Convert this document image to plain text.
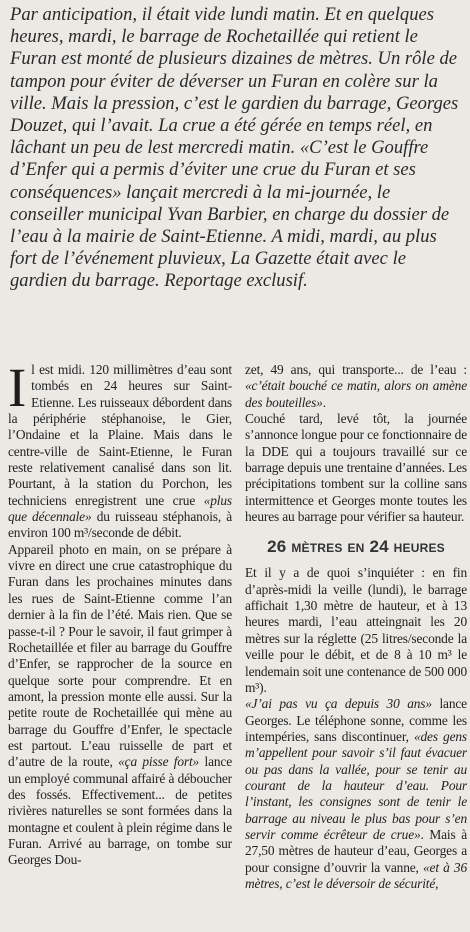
Par anticipation, il était vide lundi matin. Et en quelques heures, mardi, le barrage de Rochetaillée qui retient le Furan est monté de plusieurs dizaines de mètres. Un rôle de tampon pour éviter de déverser un Furan en colère sur la ville. Mais la pression, c’est le gardien du barrage, Georges Douzet, qui l’avait. La crue a été gérée en temps réel, en lâchant un peu de lest mercredi matin. «C’est le Gouffre d’Enfer qui a permis d’éviter une crue du Furan et ses conséquences» lançait mercredi à la mi-journée, le conseiller municipal Yvan Barbier, en charge du dossier de l’eau à la mairie de Saint-Etienne. A midi, mardi, au plus fort de l’événement pluvieux, La Gazette était avec le gardien du barrage. Reportage exclusif.

Il est midi. 120 millimètres d’eau sont tombés en 24 heures sur Saint-Etienne. Les ruisseaux débordent dans la périphérie stéphanoise, le Gier, l’Ondaine et la Plaine. Mais dans le centre-ville de Saint-Etienne, le Furan reste relativement canalisé dans son lit. Pourtant, à la station du Porchon, les techniciens enregistrent une crue «plus que décennale» du ruisseau stéphanois, à environ 100 m³/seconde de débit.

Appareil photo en main, on se prépare à vivre en direct une crue catastrophique du Furan dans les prochaines minutes dans les rues de Saint-Etienne comme l’an dernier à la fin de l’été. Mais rien. Que se passe-t-il ? Pour le savoir, il faut grimper à Rochetaillée et filer au barrage du Gouffre d’Enfer, se rapprocher de la source en quelque sorte pour comprendre. Et en amont, la pression monte elle aussi. Sur la petite route de Rochetaillée qui mène au barrage du Gouffre d’Enfer, le spectacle est partout. L’eau ruisselle de part et d’autre de la route, «ça pisse fort» lance un employé communal affairé à déboucher des fossés. Effectivement... de petites rivières naturelles se sont formées dans la montagne et coulent à plein régime dans le Furan. Arrivé au barrage, on tombe sur Georges Dou-

zet, 49 ans, qui transporte... de l’eau : «c’était bouché ce matin, alors on amène des bouteilles».

Couché tard, levé tôt, la journée s’annonce longue pour ce fonctionnaire de la DDE qui a toujours travaillé sur ce barrage depuis une trentaine d’années. Les précipitations tombent sur la colline sans intermittence et Georges monte toutes les heures au barrage pour vérifier sa hauteur.

26 mètres en 24 heures

Et il y a de quoi s’inquiéter : en fin d’après-midi la veille (lundi), le barrage affichait 1,30 mètre de hauteur, et à 13 heures mardi, l’eau atteingnait les 20 mètres sur la réglette (25 litres/seconde la veille pour le débit, et de 8 à 10 m³ le lendemain soit une contenance de 500 000 m³).

«J’ai pas vu ça depuis 30 ans» lance Georges. Le téléphone sonne, comme les intempéries, sans discontinuer, «des gens m’appellent pour savoir s’il faut évacuer ou pas dans la vallée, pour se tenir au courant de la hauteur d’eau. Pour l’instant, les consignes sont de tenir le barrage au niveau le plus bas pour s’en servir comme écrêteur de crue». Mais à 27,50 mètres de hauteur d’eau, Georges a pour consigne d’ouvrir la vanne, «et à 36 mètres, c’est le déversoir de sécurité,
